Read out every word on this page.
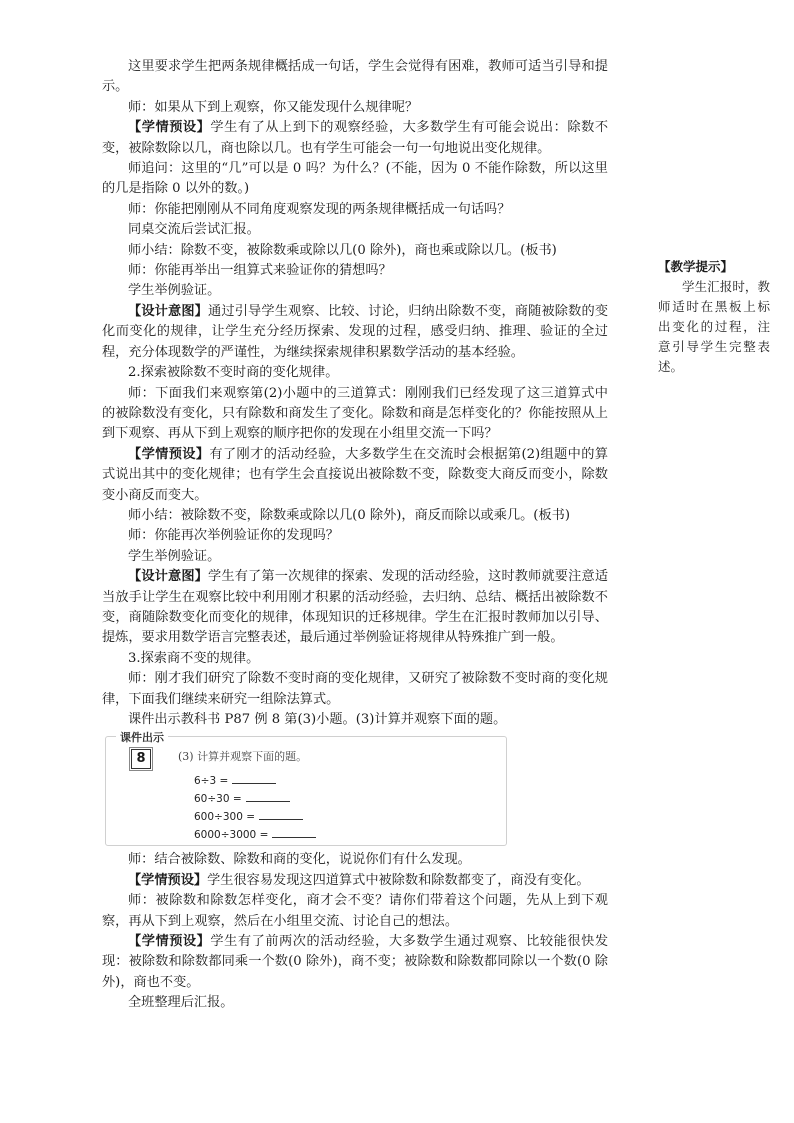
这里要求学生把两条规律概括成一句话，学生会觉得有困难，教师可适当引导和提示。

师：如果从下到上观察，你又能发现什么规律呢？

【学情预设】学生有了从上到下的观察经验，大多数学生有可能会说出：除数不变，被除数除以几，商也除以几。也有学生可能会一句一句地说出变化规律。

师追问：这里的“几”可以是 0 吗？为什么？(不能，因为 0 不能作除数，所以这里的几是指除 0 以外的数。)

师：你能把刚刚从不同角度观察发现的两条规律概括成一句话吗？

同桌交流后尝试汇报。

师小结：除数不变，被除数乘或除以几(0 除外)，商也乘或除以几。(板书)

师：你能再举出一组算式来验证你的猜想吗？

学生举例验证。

【设计意图】通过引导学生观察、比较、讨论，归纳出除数不变，商随被除数的变化而变化的规律，让学生充分经历探索、发现的过程，感受归纳、推理、验证的全过程，充分体现数学的严谨性，为继续探索规律积累数学活动的基本经验。

2.探索被除数不变时商的变化规律。

师：下面我们来观察第(2)小题中的三道算式：刚刚我们已经发现了这三道算式中的被除数没有变化，只有除数和商发生了变化。除数和商是怎样变化的？你能按照从上到下观察、再从下到上观察的顺序把你的发现在小组里交流一下吗？

【学情预设】有了刚才的活动经验，大多数学生在交流时会根据第(2)组题中的算式说出其中的变化规律；也有学生会直接说出被除数不变，除数变大商反而变小，除数变小商反而变大。

师小结：被除数不变，除数乘或除以几(0 除外)，商反而除以或乘几。(板书)

师：你能再次举例验证你的发现吗？

学生举例验证。

【设计意图】学生有了第一次规律的探索、发现的活动经验，这时教师就要注意适当放手让学生在观察比较中利用刚才积累的活动经验，去归纳、总结、概括出被除数不变，商随除数变化而变化的规律，体现知识的迁移规律。学生在汇报时教师加以引导、提炼，要求用数学语言完整表述，最后通过举例验证将规律从特殊推广到一般。

3.探索商不变的规律。

师：刚才我们研究了除数不变时商的变化规律，又研究了被除数不变时商的变化规律，下面我们继续来研究一组除法算式。

课件出示教科书 P87 例 8 第(3)小题。(3)计算并观察下面的题。

课件出示
8	(3) 计算并观察下面的题。
6÷3 =
60÷30 =
600÷300 =
6000÷3000 =

师：结合被除数、除数和商的变化，说说你们有什么发现。

【学情预设】学生很容易发现这四道算式中被除数和除数都变了，商没有变化。

师：被除数和除数怎样变化，商才会不变？请你们带着这个问题，先从上到下观察，再从下到上观察，然后在小组里交流、讨论自己的想法。

【学情预设】学生有了前两次的活动经验，大多数学生通过观察、比较能很快发现：被除数和除数都同乘一个数(0 除外)，商不变；被除数和除数都同除以一个数(0 除外)，商也不变。

全班整理后汇报。

【教学提示】
学生汇报时，教师适时在黑板上标出变化的过程，注意引导学生完整表述。
